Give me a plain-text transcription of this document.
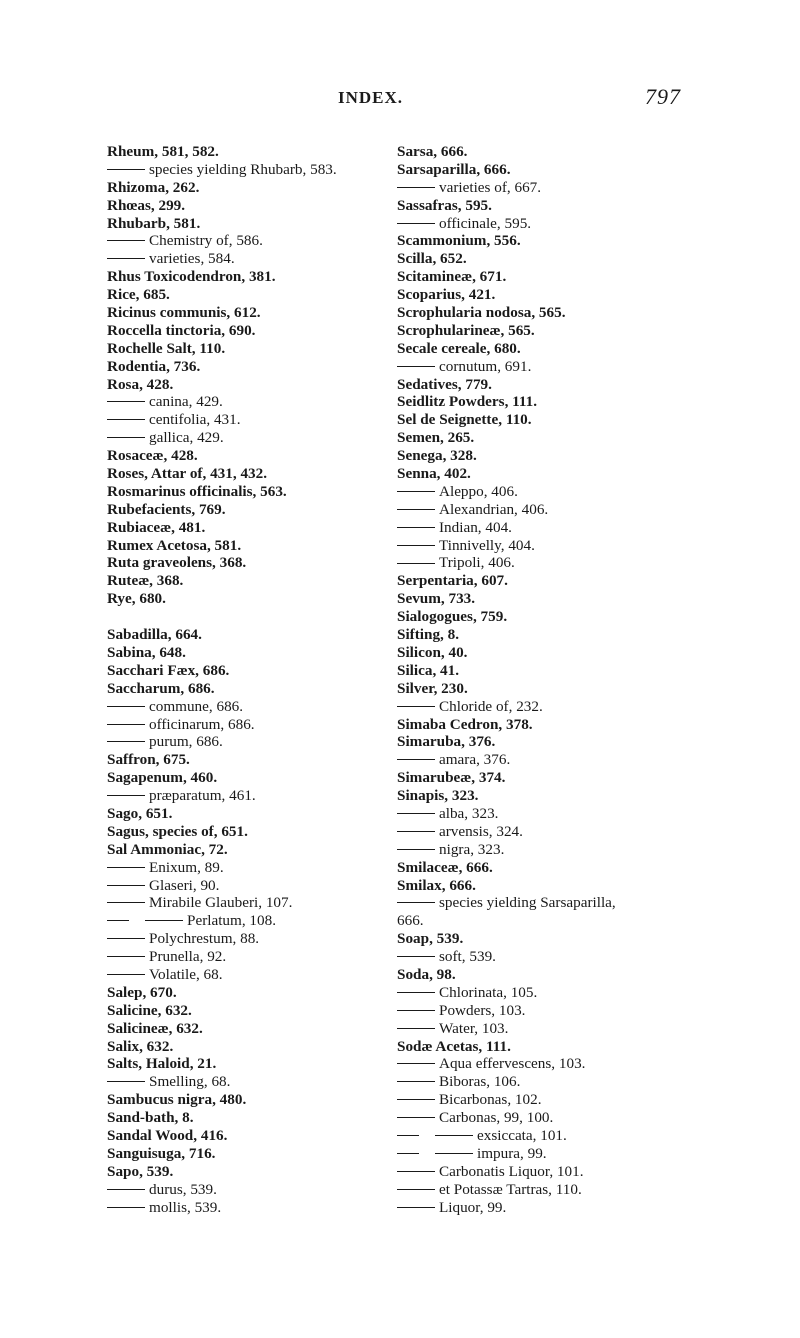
INDEX.	797
Rheum, 581, 582.
species yielding Rhubarb, 583.
Rhizoma, 262.
Rhœas, 299.
Rhubarb, 581.
Chemistry of, 586.
varieties, 584.
Rhus Toxicodendron, 381.
Rice, 685.
Ricinus communis, 612.
Roccella tinctoria, 690.
Rochelle Salt, 110.
Rodentia, 736.
Rosa, 428.
canina, 429.
centifolia, 431.
gallica, 429.
Rosaceæ, 428.
Roses, Attar of, 431, 432.
Rosmarinus officinalis, 563.
Rubefacients, 769.
Rubiaceæ, 481.
Rumex Acetosa, 581.
Ruta graveolens, 368.
Ruteæ, 368.
Rye, 680.
Sabadilla, 664.
Sabina, 648.
Sacchari Fæx, 686.
Saccharum, 686.
commune, 686.
officinarum, 686.
purum, 686.
Saffron, 675.
Sagapenum, 460.
præparatum, 461.
Sago, 651.
Sagus, species of, 651.
Sal Ammoniac, 72.
Enixum, 89.
Glaseri, 90.
Mirabile Glauberi, 107.
Perlatum, 108.
Polychrestum, 88.
Prunella, 92.
Volatile, 68.
Salep, 670.
Salicine, 632.
Salicineæ, 632.
Salix, 632.
Salts, Haloid, 21.
Smelling, 68.
Sambucus nigra, 480.
Sand-bath, 8.
Sandal Wood, 416.
Sanguisuga, 716.
Sapo, 539.
durus, 539.
mollis, 539.
Sarsa, 666.
Sarsaparilla, 666.
varieties of, 667.
Sassafras, 595.
officinale, 595.
Scammonium, 556.
Scilla, 652.
Scitamineæ, 671.
Scoparius, 421.
Scrophularia nodosa, 565.
Scrophularineæ, 565.
Secale cereale, 680.
cornutum, 691.
Sedatives, 779.
Seidlitz Powders, 111.
Sel de Seignette, 110.
Semen, 265.
Senega, 328.
Senna, 402.
Aleppo, 406.
Alexandrian, 406.
Indian, 404.
Tinnivelly, 404.
Tripoli, 406.
Serpentaria, 607.
Sevum, 733.
Sialogogues, 759.
Sifting, 8.
Silicon, 40.
Silica, 41.
Silver, 230.
Chloride of, 232.
Simaba Cedron, 378.
Simaruba, 376.
amara, 376.
Simarubeæ, 374.
Sinapis, 323.
alba, 323.
arvensis, 324.
nigra, 323.
Smilaceæ, 666.
Smilax, 666.
species yielding Sarsaparilla,
666.
Soap, 539.
soft, 539.
Soda, 98.
Chlorinata, 105.
Powders, 103.
Water, 103.
Sodæ Acetas, 111.
Aqua effervescens, 103.
Biboras, 106.
Bicarbonas, 102.
Carbonas, 99, 100.
exsiccata, 101.
impura, 99.
Carbonatis Liquor, 101.
et Potassæ Tartras, 110.
Liquor, 99.
